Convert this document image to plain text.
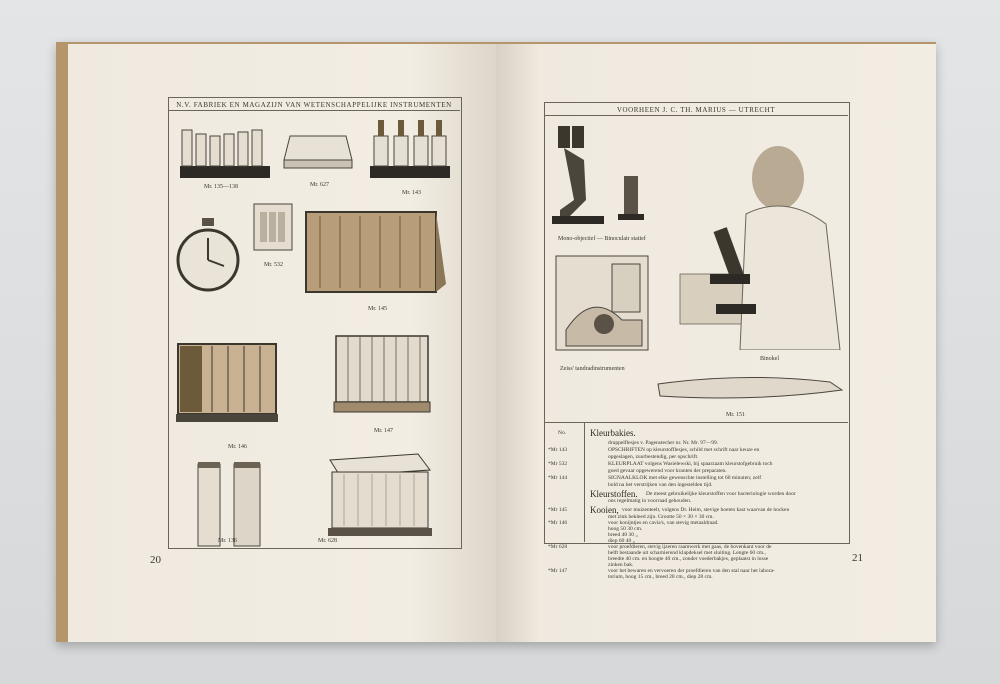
N.V. FABRIEK EN MAGAZIJN VAN WETENSCHAPPELIJKE INSTRUMENTEN
Mr. 135—138	Mr. 627
Mr. 143
Mr. 532
Mr. 145
Mr. 146
Mr. 147
Mr. 136	Mr. 628
20
VOORHEEN J. C. TH. MARIUS — UTRECHT
Mono-objectief — Binoculair statief
Zeiss' tandradinstrumenten
Binokel
Mr. 151
No.	Kleurbakies.
druppelflesjes v. Pagenstecher nr. Nr. Mr. 97—99.
*Mr 143	OPSCHRIFTEN op kleurstofflesjes, schild met schrift naar keuze en
opgeslagen, zuurbestendig, per opschrift.
*Mr 532	KLEURPLAAT volgens Wasielewski, bij spaarzaam kleurstofgebruik toch
goed gevaar opgewerend voor kranten der preparaten.
*Mr 144	SIGNAALKLOK met elke gewenschte instelling tot 60 minuten; zelf
hold na het verstrijken van den ingestelden tijd.
Kleurstoffen. De meest gebruikelijke kleurstoffen voor bacteriologie worden door
ons regelmatig in voorraad gehouden.
Kooien,
*Mr 145	voor muizenteelt, volgens Dr. Heim, stevige hoeten kast waarvan de hocken
met zink bekleed zijn. Grootte 50 × 30 × 30 cm.
*Mr 146	voor konijntjes en cavia's, van stevig metaaldraad.
hoog 50 30 cm.
breed 40 30 „
diep 60 40 „
*Mr 628	voor proefdieren, stevig ijzeren raamwerk met gaas, de bovenkant voor de
helft bestaande uit scharnierend klapdeksel met sluiting. Lengte 60 cm.,
breedte 40 cm. en hoogte 40 cm., zonder voederbakjes, geplaatst in losse
zinken bak.
*Mr 147	voor het bewaren en vervoeren der proefdieren van den stal naar het labora-
torium, hoog 15 cm., breed 28 cm., diep 28 cm.
21
